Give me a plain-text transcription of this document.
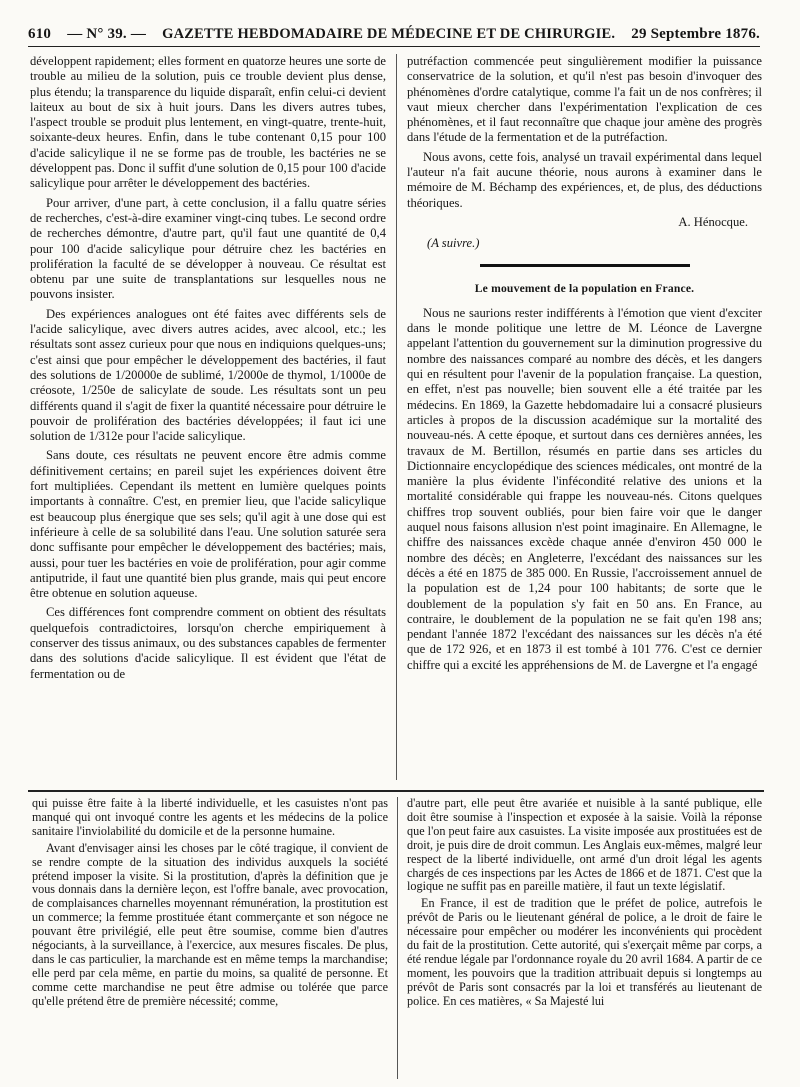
610 — N° 39. — GAZETTE HEBDOMADAIRE DE MÉDECINE ET DE CHIRURGIE. 29 Septembre 1876.

développent rapidement; elles forment en quatorze heures une sorte de trouble au milieu de la solution, puis ce trouble devient plus dense, plus étendu; la transparence du liquide disparaît, enfin celui-ci devient laiteux au bout de six à huit jours. Dans les divers autres tubes, l'aspect trouble se produit plus lentement, en vingt-quatre, trente-huit, soixante-deux heures. Enfin, dans le tube contenant 0,15 pour 100 d'acide salicylique il ne se forme pas de trouble, les bactéries ne se développent pas. Donc il suffit d'une solution de 0,15 pour 100 d'acide salicylique pour arrêter le développement des bactéries.

Pour arriver, d'une part, à cette conclusion, il a fallu quatre séries de recherches, c'est-à-dire examiner vingt-cinq tubes. Le second ordre de recherches démontre, d'autre part, qu'il faut une quantité de 0,4 pour 100 d'acide salicylique pour détruire chez les bactéries en prolifération la faculté de se développer à nouveau. Ce résultat est obtenu par une suite de transplantations sur lesquelles nous ne pouvons insister.

Des expériences analogues ont été faites avec différents sels de l'acide salicylique, avec divers autres acides, avec alcool, etc.; les résultats sont assez curieux pour que nous en indiquions quelques-uns; c'est ainsi que pour empêcher le développement des bactéries, il faut des solutions de 1/20000e de sublimé, 1/2000e de thymol, 1/1000e de créosote, 1/250e de salicylate de soude. Les résultats sont un peu différents quand il s'agit de fixer la quantité nécessaire pour détruire le pouvoir de prolifération des bactéries développées; il faut ici une solution de 1/312e pour l'acide salicylique.

Sans doute, ces résultats ne peuvent encore être admis comme définitivement certains; en pareil sujet les expériences doivent être fort multipliées. Cependant ils mettent en lumière quelques points importants à connaître. C'est, en premier lieu, que l'acide salicylique est beaucoup plus énergique que ses sels; qu'il agit à une dose qui est inférieure à celle de sa solubilité dans l'eau. Une solution saturée sera donc suffisante pour empêcher le développement des bactéries; mais, aussi, pour tuer les bactéries en voie de prolifération, pour agir comme antiputride, il faut une quantité bien plus grande, mais qui peut encore être obtenue en solution aqueuse.

Ces différences font comprendre comment on obtient des résultats quelquefois contradictoires, lorsqu'on cherche empiriquement à conserver des tissus animaux, ou des substances capables de fermenter dans des solutions d'acide salicylique. Il est évident que l'état de fermentation ou de

putréfaction commencée peut singulièrement modifier la puissance conservatrice de la solution, et qu'il n'est pas besoin d'invoquer des phénomènes d'ordre catalytique, comme l'a fait un de nos confrères; il vaut mieux chercher dans l'expérimentation l'explication de ces phénomènes, et il faut reconnaître que chaque jour amène des progrès dans l'étude de la fermentation et de la putréfaction.

Nous avons, cette fois, analysé un travail expérimental dans lequel l'auteur n'a fait aucune théorie, nous aurons à examiner dans le mémoire de M. Béchamp des expériences, et, de plus, des déductions théoriques.

A. Hénocque.
(A suivre.)
Le mouvement de la population en France.

Nous ne saurions rester indifférents à l'émotion que vient d'exciter dans le monde politique une lettre de M. Léonce de Lavergne appelant l'attention du gouvernement sur la diminution progressive du nombre des naissances comparé au nombre des décès, et les dangers qui en résultent pour l'avenir de la population française. La question, en effet, n'est pas nouvelle; bien souvent elle a été traitée par les médecins. En 1869, la Gazette hebdomadaire lui a consacré plusieurs articles à propos de la discussion académique sur la mortalité des nouveau-nés. A cette époque, et surtout dans ces dernières années, les travaux de M. Bertillon, résumés en partie dans ses articles du Dictionnaire encyclopédique des sciences médicales, ont montré de la manière la plus évidente l'infécondité relative des unions et la mortalité considérable qui frappe les nouveau-nés. Citons quelques chiffres trop souvent oubliés, pour bien faire voir que le danger auquel nous faisons allusion n'est point imaginaire. En Allemagne, le chiffre des naissances excède chaque année d'environ 450 000 le nombre des décès; en Angleterre, l'excédant des naissances sur les décès a été en 1875 de 385 000. En Russie, l'accroissement annuel de la population est de 1,24 pour 100 habitants; de sorte que le doublement de la population s'y fait en 50 ans. En France, au contraire, le doublement de la population ne se fait qu'en 198 ans; pendant l'année 1872 l'excédant des naissances sur les décès n'a été que de 172 926, et en 1873 il est tombé à 101 776. C'est ce dernier chiffre qui a excité les appréhensions de M. de Lavergne et l'a engagé

qui puisse être faite à la liberté individuelle, et les casuistes n'ont pas manqué qui ont invoqué contre les agents et les médecins de la police sanitaire l'inviolabilité du domicile et de la personne humaine.

Avant d'envisager ainsi les choses par le côté tragique, il convient de se rendre compte de la situation des individus auxquels la société prétend imposer la visite. Si la prostitution, d'après la définition que je vous donnais dans la dernière leçon, est l'offre banale, avec provocation, de complaisances charnelles moyennant rémunération, la prostitution est un commerce; la femme prostituée étant commerçante et son négoce ne pouvant être privilégié, elle peut être soumise, comme bien d'autres négociants, à la surveillance, à l'exercice, aux mesures fiscales. De plus, dans le cas particulier, la marchande est en même temps la marchandise; elle perd par cela même, en partie du moins, sa qualité de personne. Et comme cette marchandise ne peut être admise ou tolérée que parce qu'elle prétend être de première nécessité; comme,

d'autre part, elle peut être avariée et nuisible à la santé publique, elle doit être soumise à l'inspection et exposée à la saisie. Voilà la réponse que l'on peut faire aux casuistes. La visite imposée aux prostituées est de droit, je puis dire de droit commun. Les Anglais eux-mêmes, malgré leur respect de la liberté individuelle, ont armé d'un droit légal les agents chargés de ces inspections par les Actes de 1866 et de 1871. C'est que la logique ne suffit pas en pareille matière, il faut un texte législatif.

En France, il est de tradition que le préfet de police, autrefois le prévôt de Paris ou le lieutenant général de police, a le droit de faire le nécessaire pour empêcher ou modérer les inconvénients qui procèdent du fait de la prostitution. Cette autorité, qui s'exerçait même par corps, a été rendue légale par l'ordonnance royale du 20 avril 1684. A partir de ce moment, les pouvoirs que la tradition attribuait depuis si longtemps au prévôt de Paris sont consacrés par la loi et transférés au lieutenant de police. En ces matières, « Sa Majesté lui
